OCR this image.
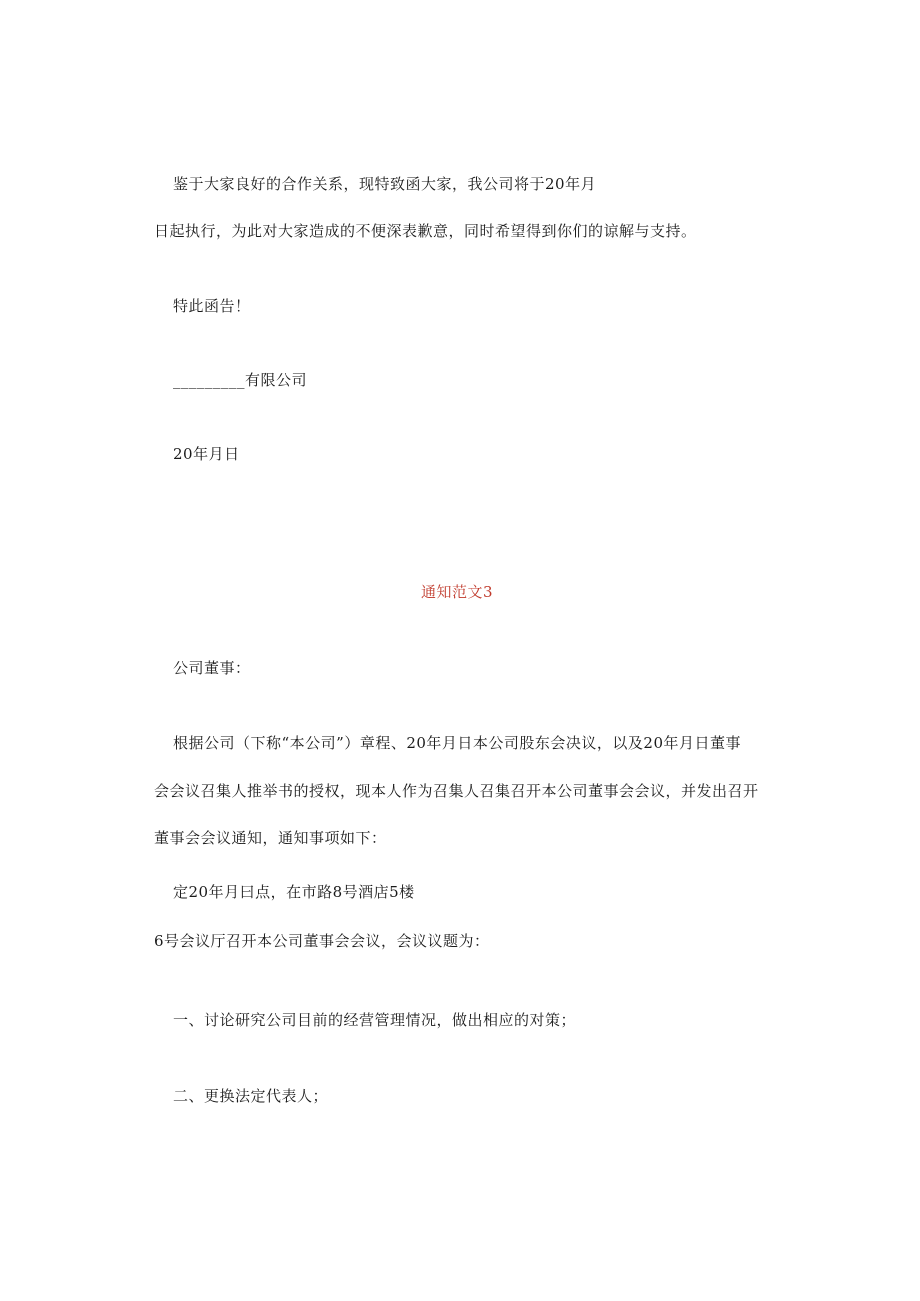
鉴于大家良好的合作关系，现特致函大家，我公司将于20年月
日起执行，为此对大家造成的不便深表歉意，同时希望得到你们的谅解与支持。
特此函告！
_________有限公司
20年月日
通知范文3
公司董事：
根据公司（下称“本公司”）章程、20年月日本公司股东会决议，以及20年月日董事
会会议召集人推举书的授权，现本人作为召集人召集召开本公司董事会会议，并发出召开
董事会会议通知，通知事项如下：
定20年月曰点，在市路8号酒店5楼
6号会议厅召开本公司董事会会议，会议议题为：
一、讨论研究公司目前的经营管理情况，做出相应的对策；
二、更换法定代表人；
